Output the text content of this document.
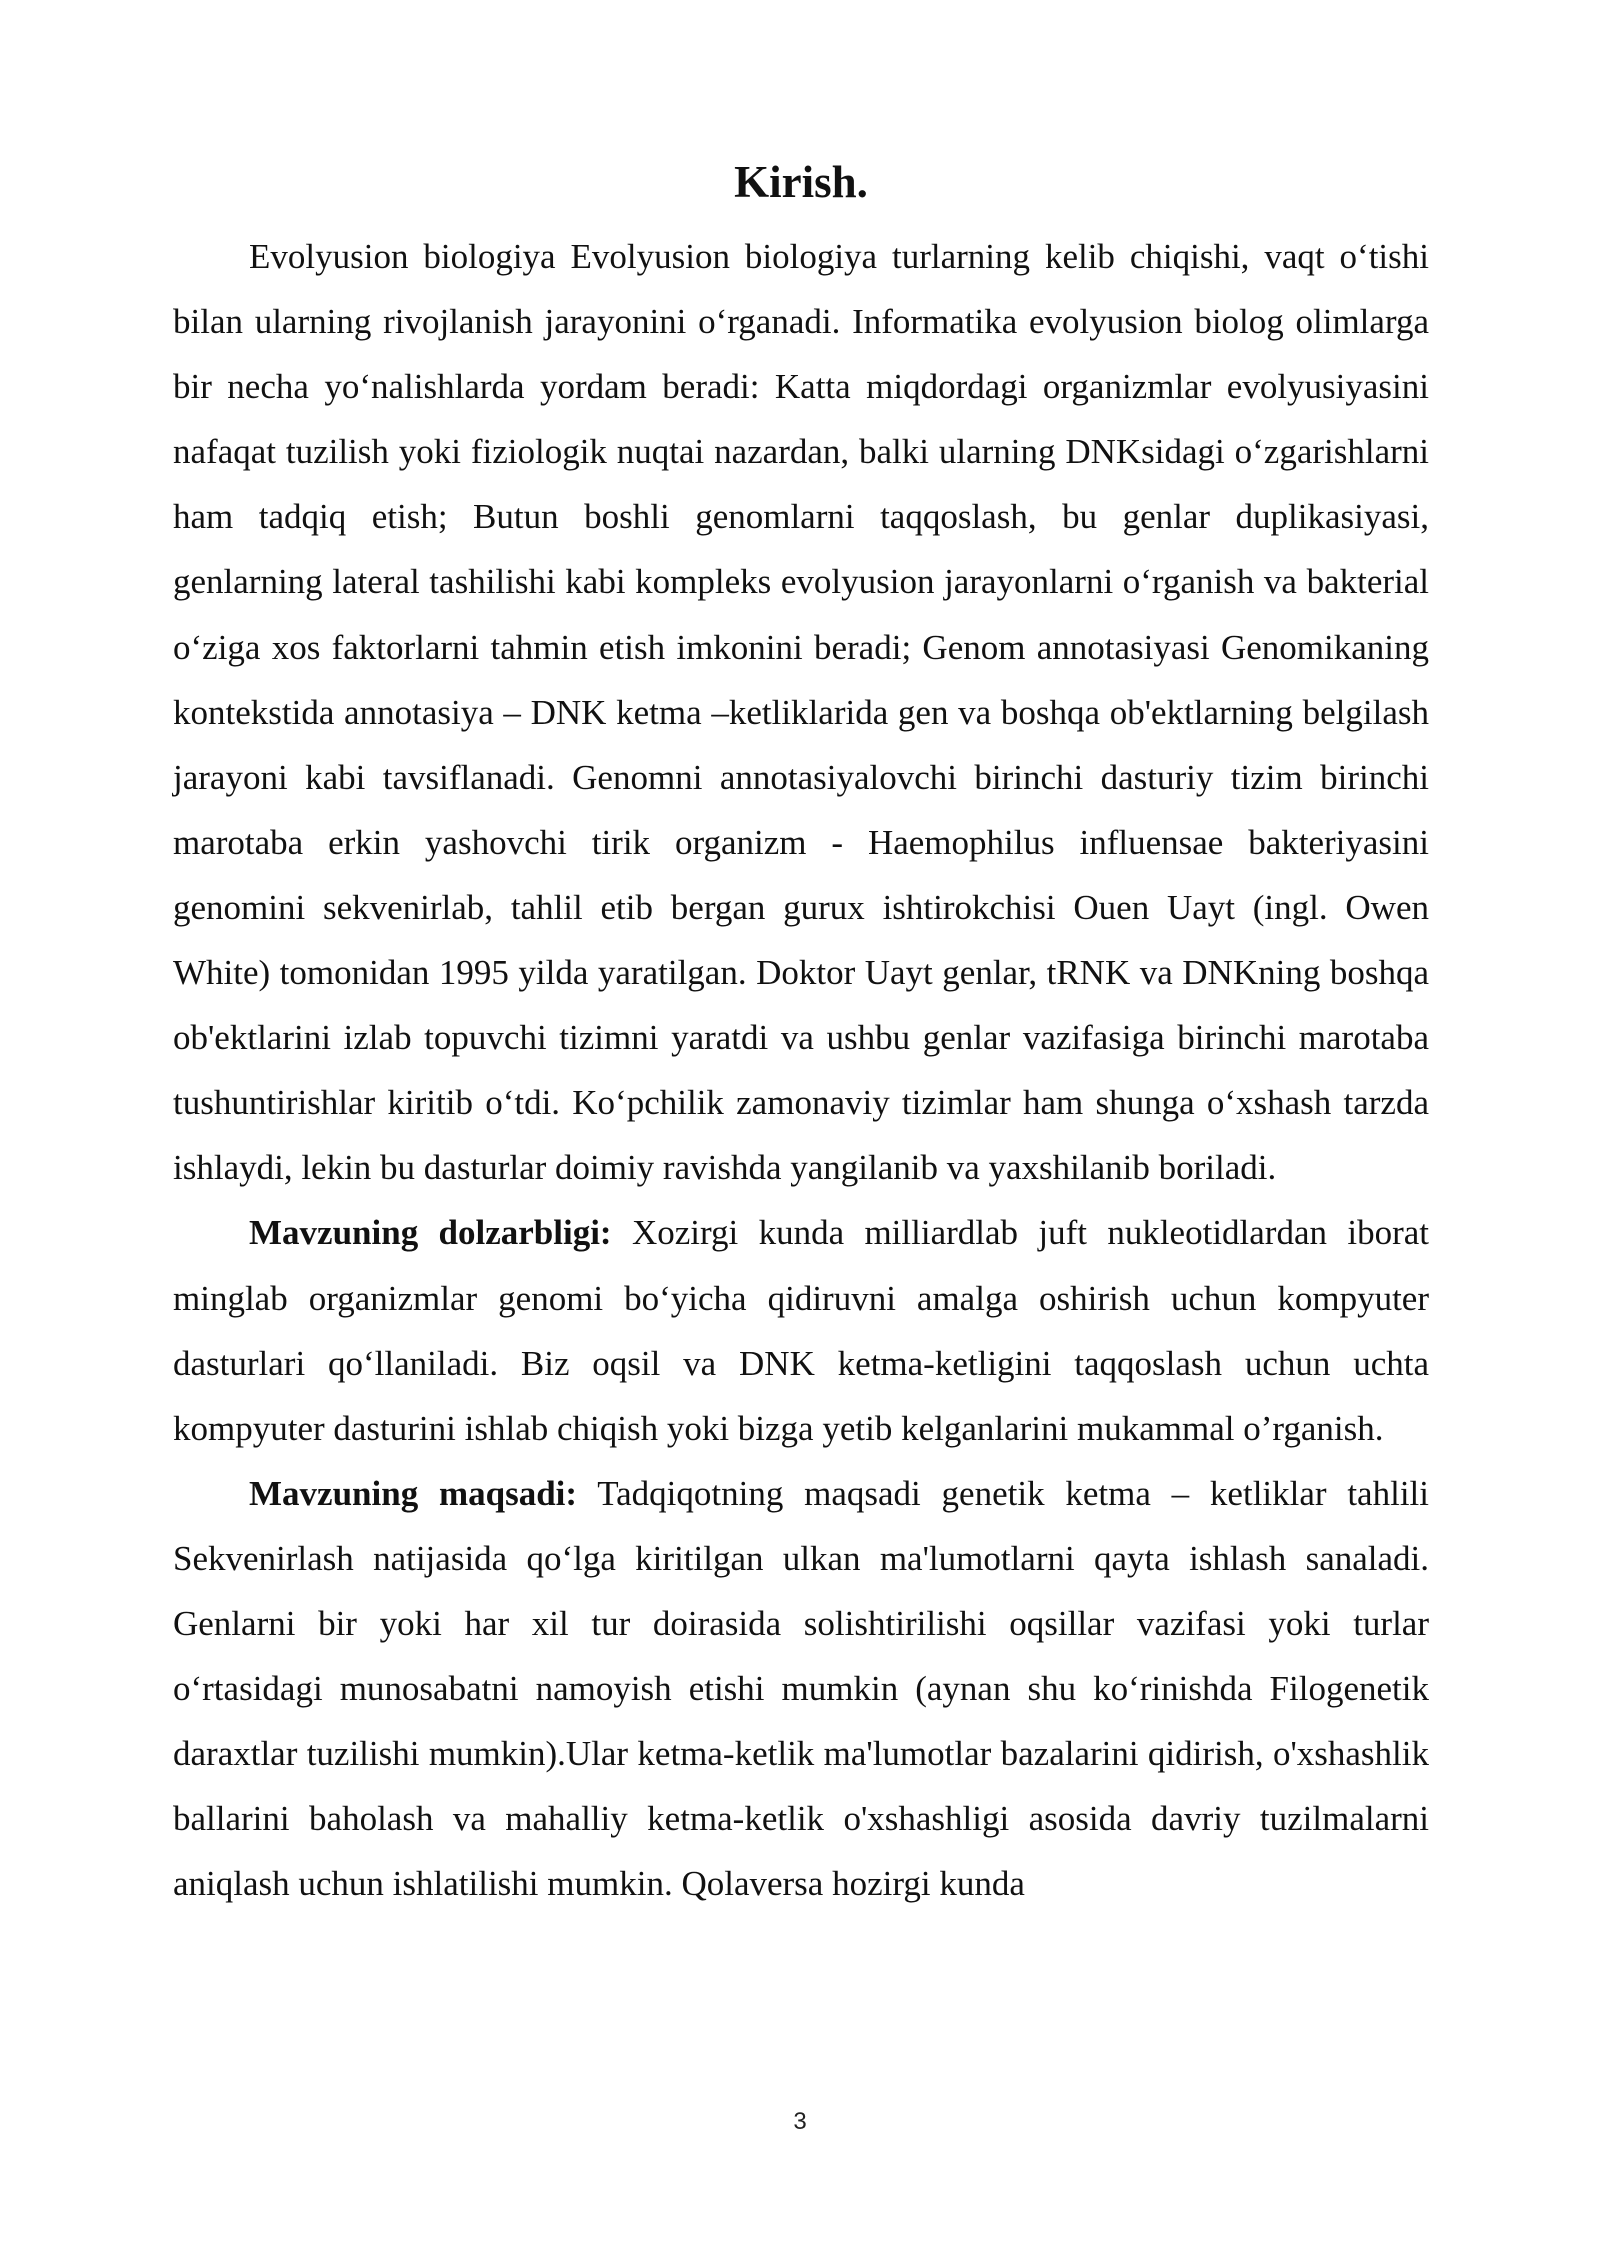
Kirish.

Evolyusion biologiya Evolyusion biologiya turlarning kelib chiqishi, vaqt oʻtishi bilan ularning rivojlanish jarayonini oʻrganadi. Informatika evolyusion biolog olimlarga bir necha yoʻnalishlarda yordam beradi: Katta miqdordagi organizmlar evolyusiyasini nafaqat tuzilish yoki fiziologik nuqtai nazardan, balki ularning DNKsidagi oʻzgarishlarni ham tadqiq etish; Butun boshli genomlarni taqqoslash, bu genlar duplikasiyasi, genlarning lateral tashilishi kabi kompleks evolyusion jarayonlarni oʻrganish va bakterial oʻziga xos faktorlarni tahmin etish imkonini beradi; Genom annotasiyasi Genomikaning kontekstida annotasiya – DNK ketma –ketliklarida gen va boshqa ob'ektlarning belgilash jarayoni kabi tavsiflanadi. Genomni annotasiyalovchi birinchi dasturiy tizim birinchi marotaba erkin yashovchi tirik organizm - Haemophilus influensae bakteriyasini genomini sekvenirlab, tahlil etib bergan gurux ishtirokchisi Ouen Uayt (ingl. Owen White) tomonidan 1995 yilda yaratilgan. Doktor Uayt genlar, tRNK va DNKning boshqa ob'ektlarini izlab topuvchi tizimni yaratdi va ushbu genlar vazifasiga birinchi marotaba tushuntirishlar kiritib oʻtdi. Koʻpchilik zamonaviy tizimlar ham shunga oʻxshash tarzda ishlaydi, lekin bu dasturlar doimiy ravishda yangilanib va yaxshilanib boriladi.

Mavzuning dolzarbligi: Xozirgi kunda milliardlab juft nukleotidlardan iborat minglab organizmlar genomi boʻyicha qidiruvni amalga oshirish uchun kompyuter dasturlari qoʻllaniladi. Biz oqsil va DNK ketma-ketligini taqqoslash uchun uchta kompyuter dasturini ishlab chiqish yoki bizga yetib kelganlarini mukammal o’rganish.

Mavzuning maqsadi: Tadqiqotning maqsadi genetik ketma – ketliklar tahlili Sekvenirlash natijasida qoʻlga kiritilgan ulkan ma'lumotlarni qayta ishlash sanaladi. Genlarni bir yoki har xil tur doirasida solishtirilishi oqsillar vazifasi yoki turlar oʻrtasidagi munosabatni namoyish etishi mumkin (aynan shu koʻrinishda Filogenetik daraxtlar tuzilishi mumkin).Ular ketma-ketlik ma'lumotlar bazalarini qidirish, o'xshashlik ballarini baholash va mahalliy ketma-ketlik o'xshashligi asosida davriy tuzilmalarni aniqlash uchun ishlatilishi mumkin. Qolaversa hozirgi kunda

3
